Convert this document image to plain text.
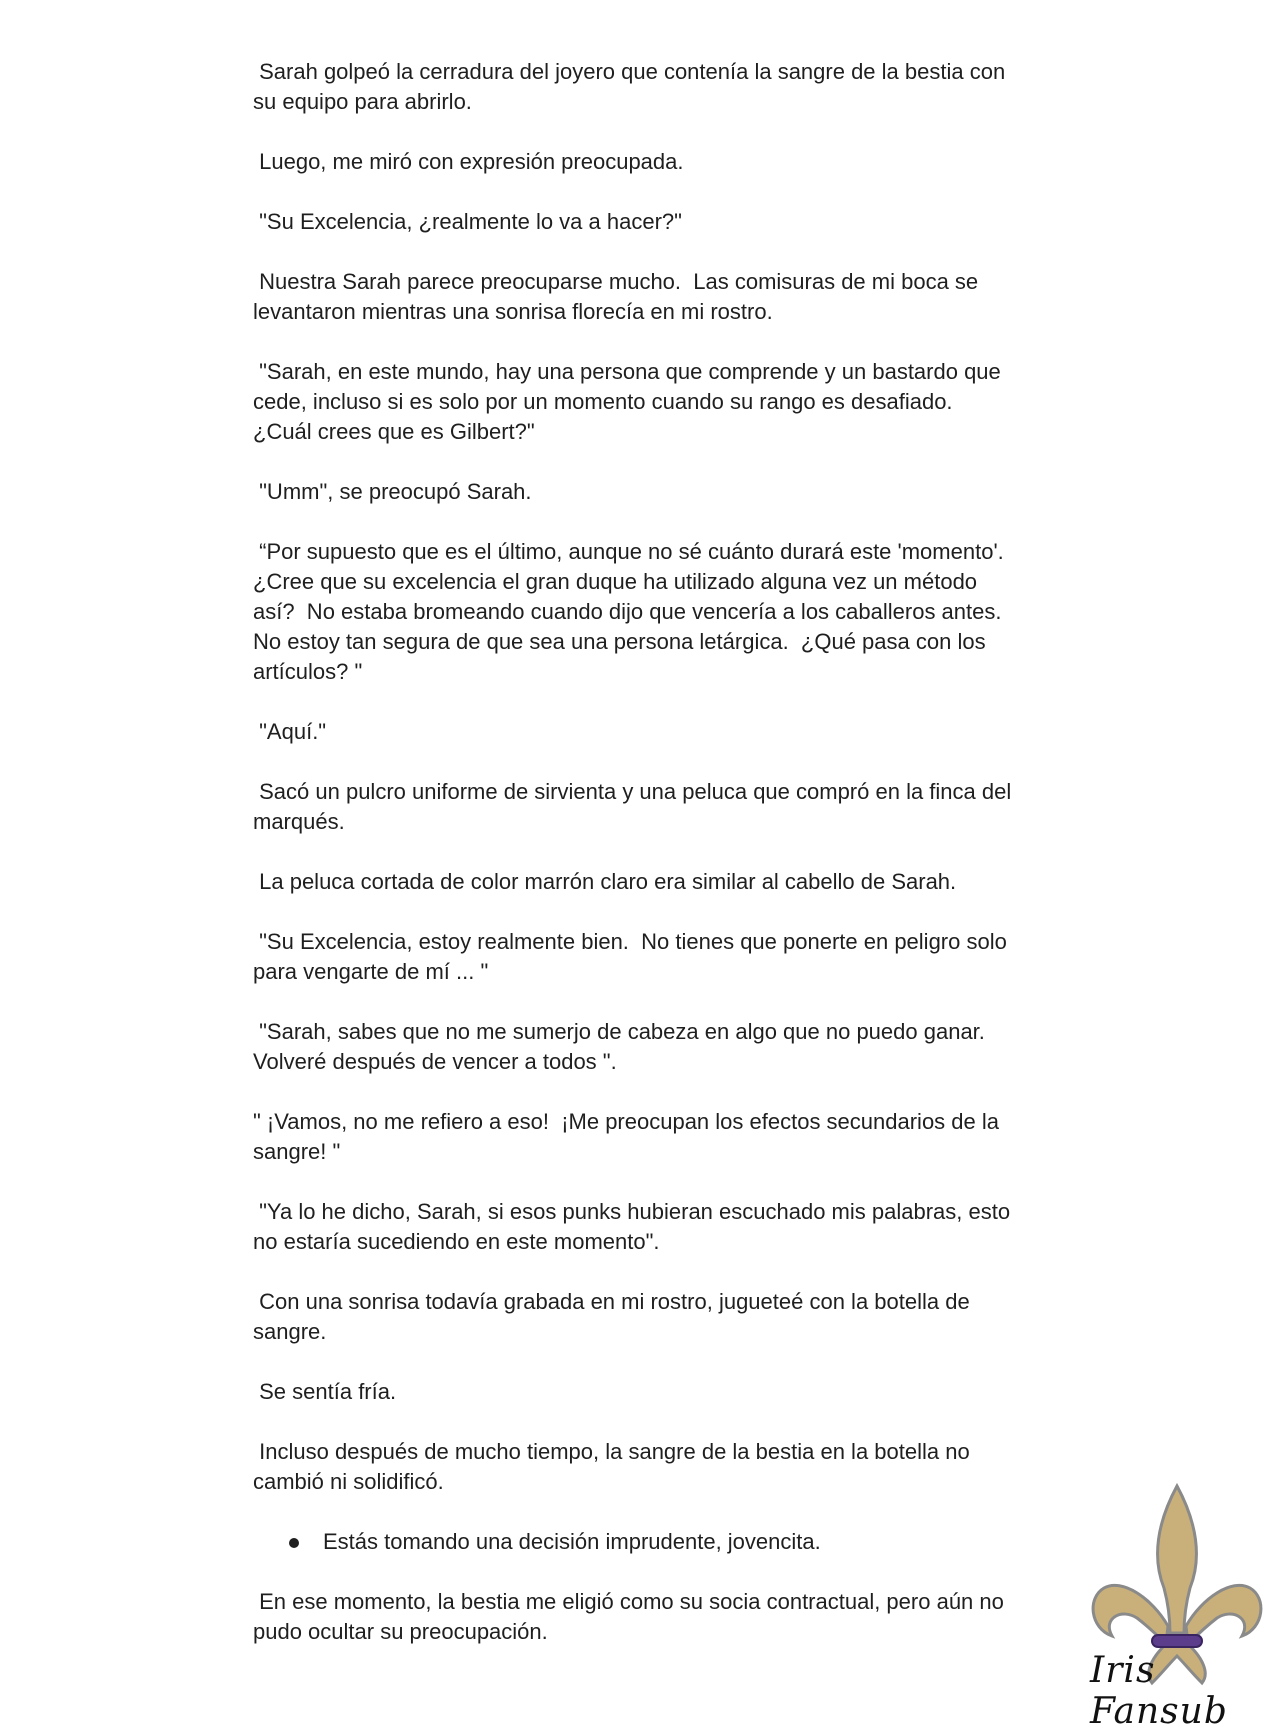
Sarah golpeó la cerradura del joyero que contenía la sangre de la bestia con
su equipo para abrirlo.

Luego, me miró con expresión preocupada.

"Su Excelencia, ¿realmente lo va a hacer?"

Nuestra Sarah parece preocuparse mucho.  Las comisuras de mi boca se
levantaron mientras una sonrisa florecía en mi rostro.

"Sarah, en este mundo, hay una persona que comprende y un bastardo que
cede, incluso si es solo por un momento cuando su rango es desafiado.
¿Cuál crees que es Gilbert?"

"Umm", se preocupó Sarah.

“Por supuesto que es el último, aunque no sé cuánto durará este 'momento'.
¿Cree que su excelencia el gran duque ha utilizado alguna vez un método
así?  No estaba bromeando cuando dijo que vencería a los caballeros antes.
No estoy tan segura de que sea una persona letárgica.  ¿Qué pasa con los
artículos? "

"Aquí."

Sacó un pulcro uniforme de sirvienta y una peluca que compró en la finca del
marqués.

La peluca cortada de color marrón claro era similar al cabello de Sarah.

"Su Excelencia, estoy realmente bien.  No tienes que ponerte en peligro solo
para vengarte de mí ... "

"Sarah, sabes que no me sumerjo de cabeza en algo que no puedo ganar.
Volveré después de vencer a todos ".

" ¡Vamos, no me refiero a eso!  ¡Me preocupan los efectos secundarios de la
sangre! "

"Ya lo he dicho, Sarah, si esos punks hubieran escuchado mis palabras, esto
no estaría sucediendo en este momento".

Con una sonrisa todavía grabada en mi rostro, jugueteé con la botella de
sangre.

Se sentía fría.

Incluso después de mucho tiempo, la sangre de la bestia en la botella no
cambió ni solidificó.

Estás tomando una decisión imprudente, jovencita.

En ese momento, la bestia me eligió como su socia contractual, pero aún no
pudo ocultar su preocupación.

Iris Fansub
